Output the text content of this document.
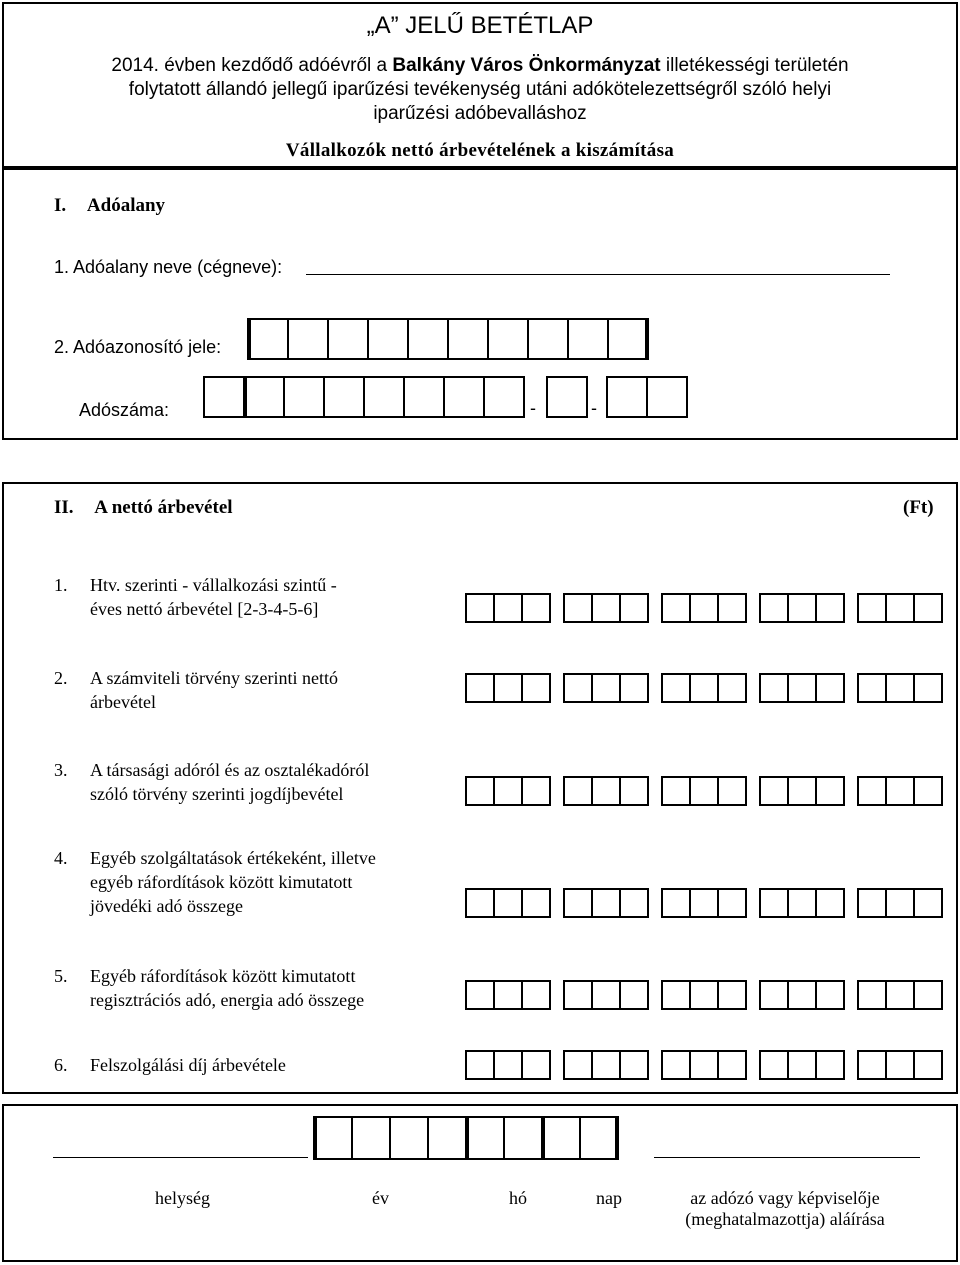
„A” JELŰ BETÉTLAP
2014. évben kezdődő adóévről a Balkány Város Önkormányzat illetékességi területén
folytatott állandó jellegű iparűzési tevékenység utáni adókötelezettségről szóló helyi
iparűzési adóbevalláshoz
Vállalkozók nettó árbevételének a kiszámítása
I. Adóalany
1. Adóalany neve (cégneve):
2. Adóazonosító jele:
Adószáma:	-	-
II. A nettó árbevétel	(Ft)
1. Htv. szerinti - vállalkozási szintű -
éves nettó árbevétel [2-3-4-5-6]
2. A számviteli törvény szerinti nettó
árbevétel
3. A társasági adóról és az osztalékadóról
szóló törvény szerinti jogdíjbevétel
4. Egyéb szolgáltatások értékeként, illetve
egyéb ráfordítások között kimutatott
jövedéki adó összege
5. Egyéb ráfordítások között kimutatott
regisztrációs adó, energia adó összege
6. Felszolgálási díj árbevétele
helység	év	hó	nap	az adózó vagy képviselője
(meghatalmazottja) aláírása
